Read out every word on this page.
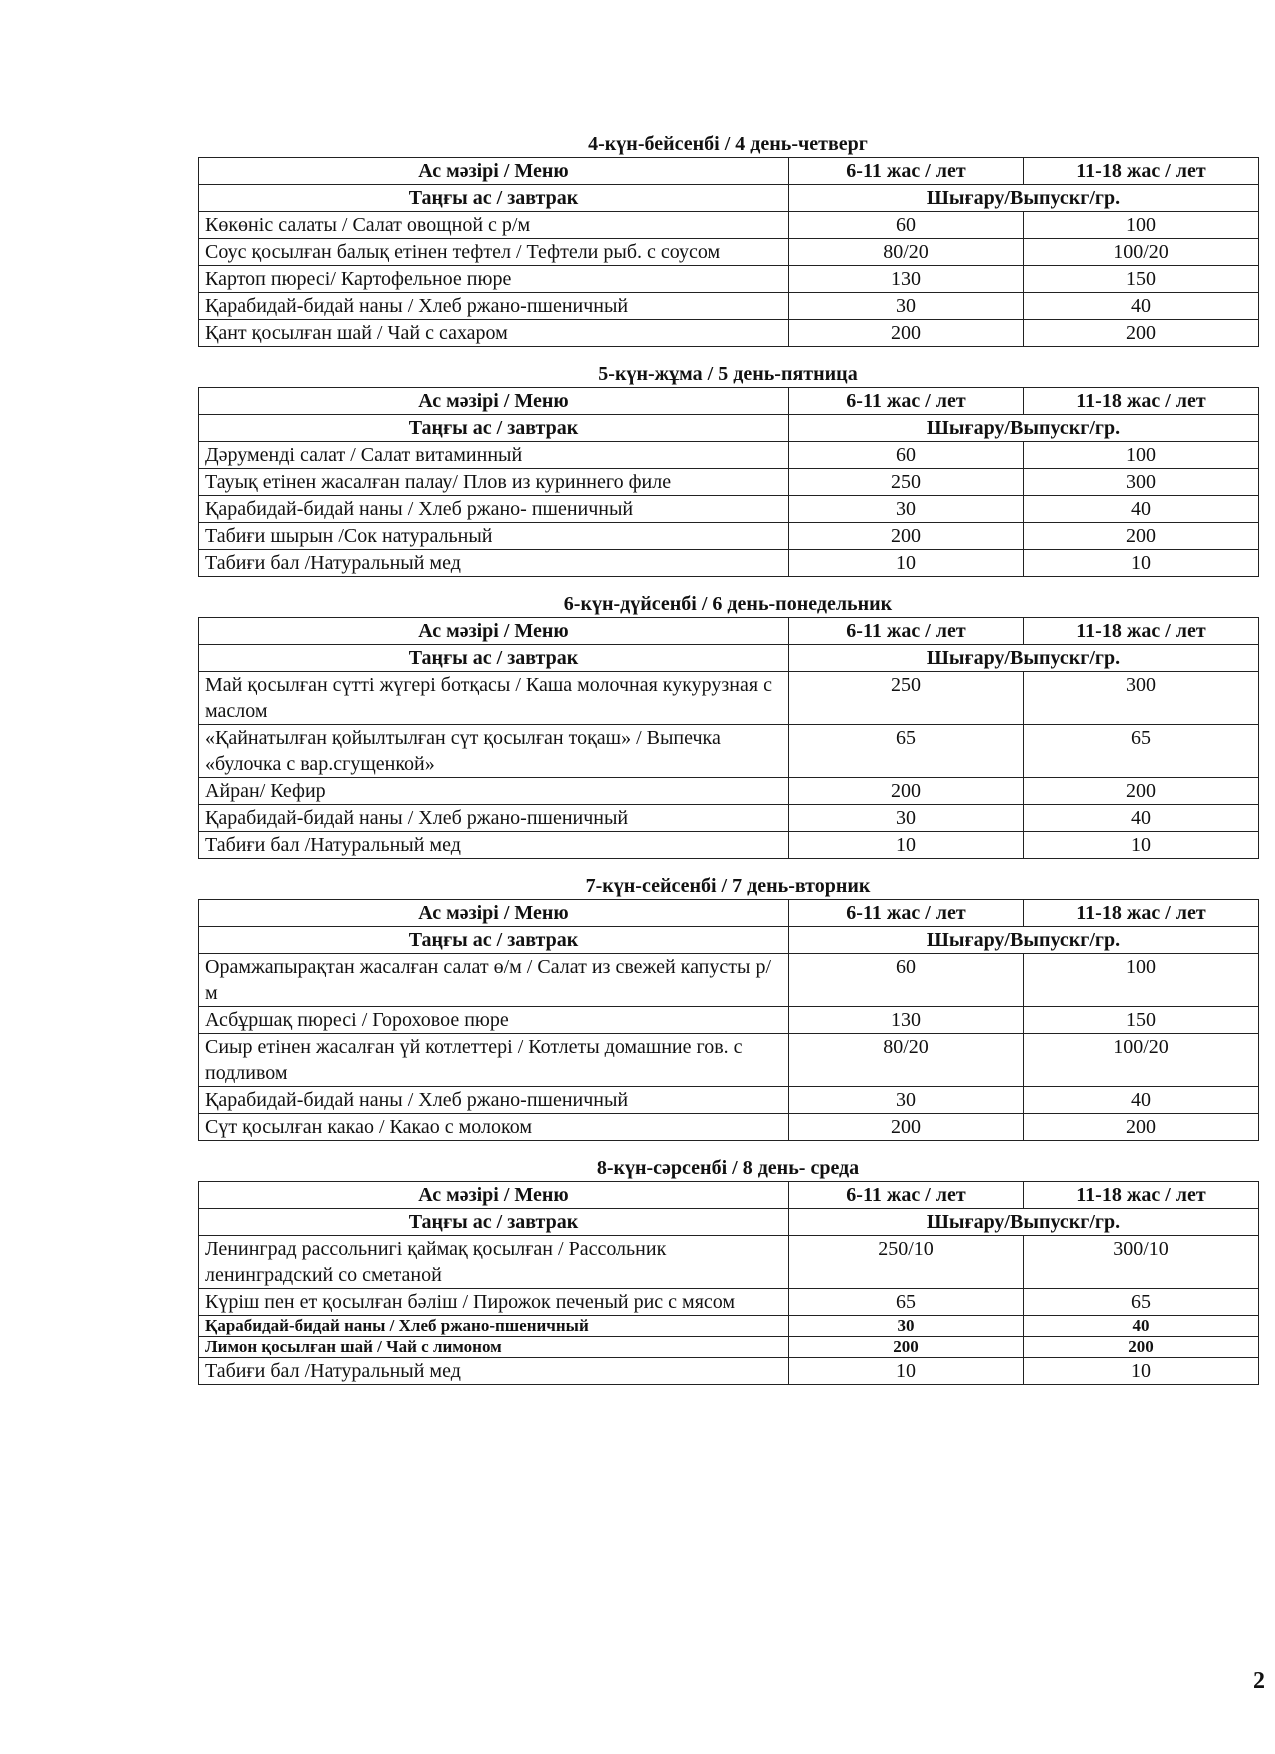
4-күн-бейсенбі / 4 день-четверг
Ас мәзірі / Меню	6-11 жас / лет	11-18 жас / лет
Таңғы ас / завтрак	Шығару/Выпускг/гр.	
Көкөніс салаты / Салат овощной с р/м	60	100
Соус қосылған балық етінен тефтел / Тефтели рыб. с соусом	80/20	100/20
Картоп пюресі/ Картофельное пюре	130	150
Қарабидай-бидай наны / Хлеб ржано-пшеничный	30	40
Қант қосылған шай / Чай с сахаром	200	200
5-күн-жұма / 5 день-пятница
Ас мәзірі / Меню	6-11 жас / лет	11-18 жас / лет
Таңғы ас / завтрак	Шығару/Выпускг/гр.	
Дәруменді салат / Салат витаминный	60	100
Тауық етінен жасалған палау/ Плов из куриннего филе	250	300
Қарабидай-бидай наны / Хлеб ржано- пшеничный	30	40
Табиғи шырын /Сок натуральный	200	200
Табиғи бал /Натуральный мед	10	10
6-күн-дүйсенбі / 6 день-понедельник
Ас мәзірі / Меню	6-11 жас / лет	11-18 жас / лет
Таңғы ас / завтрак	Шығару/Выпускг/гр.	
Май қосылған сүтті жүгері ботқасы / Каша молочная кукурузная с маслом	250	300
«Қайнатылған қойылтылған сүт қосылған тоқаш» / Выпечка «булочка с вар.сгущенкой»	65	65
Айран/ Кефир	200	200
Қарабидай-бидай наны / Хлеб ржано-пшеничный	30	40
Табиғи бал /Натуральный мед	10	10
7-күн-сейсенбі / 7 день-вторник
Ас мәзірі / Меню	6-11 жас / лет	11-18 жас / лет
Таңғы ас / завтрак	Шығару/Выпускг/гр.	
Орамжапырақтан жасалған салат ө/м / Салат из свежей капусты р/м	60	100
Асбұршақ пюресі / Гороховое пюре	130	150
Сиыр етінен жасалған үй котлеттері / Котлеты домашние гов. с подливом	80/20	100/20
Қарабидай-бидай наны / Хлеб ржано-пшеничный	30	40
Сүт қосылған какао / Какао с молоком	200	200
8-күн-сәрсенбі / 8 день- среда
Ас мәзірі / Меню	6-11 жас / лет	11-18 жас / лет
Таңғы ас / завтрак	Шығару/Выпускг/гр.	
Ленинград рассольнигі қаймақ қосылған / Рассольник ленинградский со сметаной	250/10	300/10
Күріш пен ет қосылған бәліш / Пирожок печеный рис с мясом	65	65
Қарабидай-бидай наны / Хлеб ржано-пшеничный	30	40
Лимон қосылған шай / Чай с лимоном	200	200
Табиғи бал /Натуральный мед	10	10
2
